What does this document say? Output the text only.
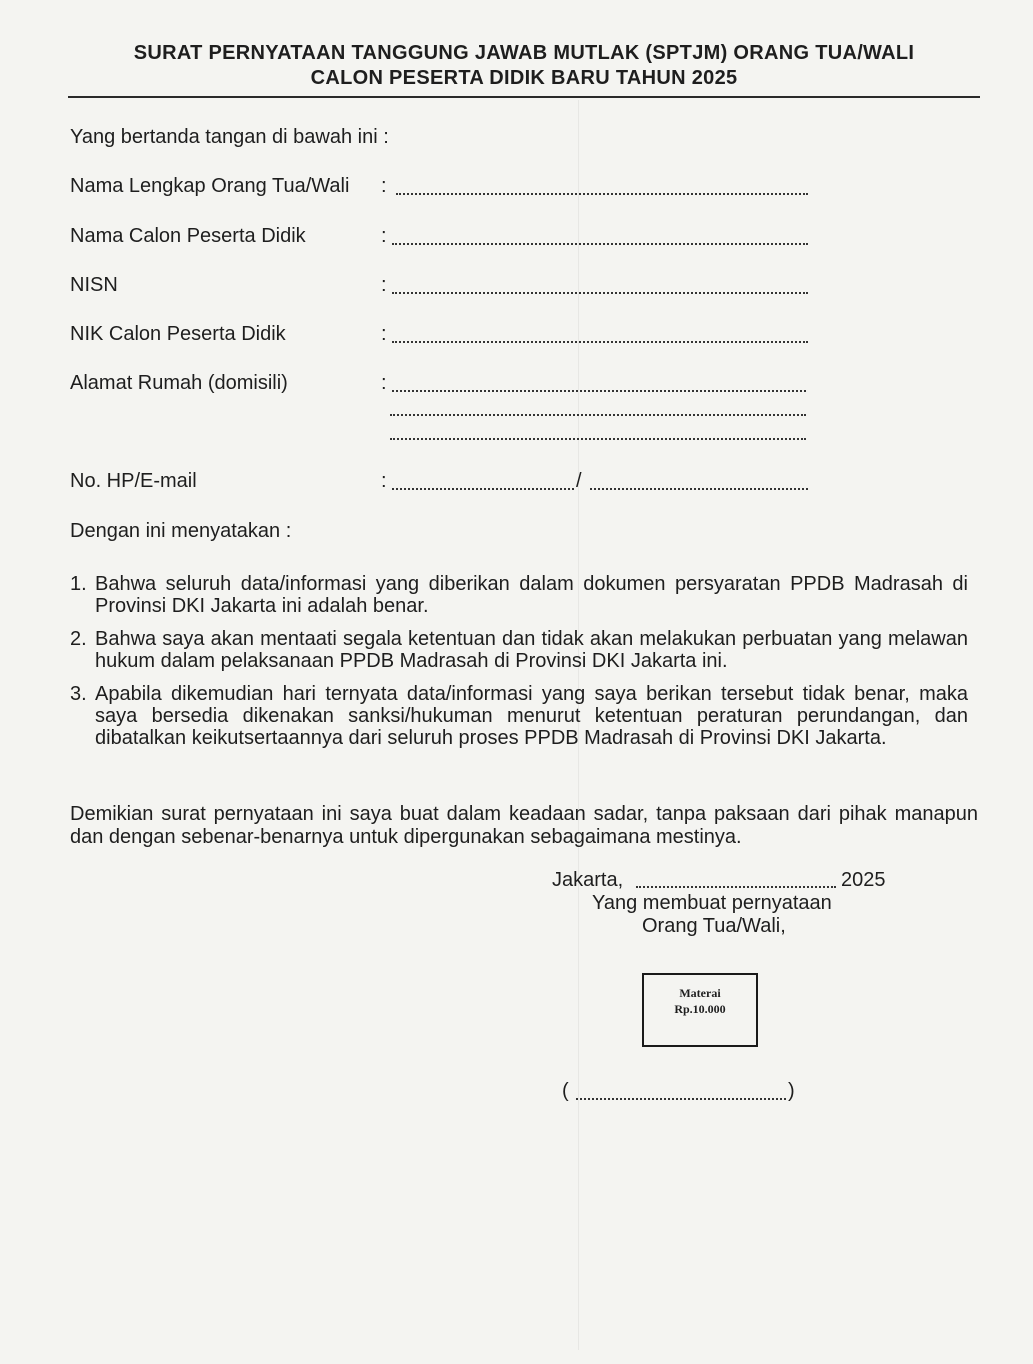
SURAT PERNYATAAN TANGGUNG JAWAB MUTLAK (SPTJM) ORANG TUA/WALI
CALON PESERTA DIDIK BARU TAHUN 2025
Yang bertanda tangan di bawah ini :
Nama Lengkap Orang Tua/Wali :
Nama Calon Peserta Didik	:
NISN	:
NIK Calon Peserta Didik	:
Alamat Rumah (domisili)	:
No. HP/E-mail	:	/
Dengan ini menyatakan :
1. Bahwa seluruh data/informasi yang diberikan dalam dokumen persyaratan PPDB Madrasah di Provinsi DKI Jakarta ini adalah benar.
2. Bahwa saya akan mentaati segala ketentuan dan tidak akan melakukan perbuatan yang melawan hukum dalam pelaksanaan PPDB Madrasah di Provinsi DKI Jakarta ini.
3. Apabila dikemudian hari ternyata data/informasi yang saya berikan tersebut tidak benar, maka saya bersedia dikenakan sanksi/hukuman menurut ketentuan peraturan perundangan, dan dibatalkan keikutsertaannya dari seluruh proses PPDB Madrasah di Provinsi DKI Jakarta.
Demikian surat pernyataan ini saya buat dalam keadaan sadar, tanpa paksaan dari pihak manapun dan dengan sebenar-benarnya untuk dipergunakan sebagaimana mestinya.
Jakarta,	2025
Yang membuat pernyataan
Orang Tua/Wali,
Materai
Rp.10.000
(	)
